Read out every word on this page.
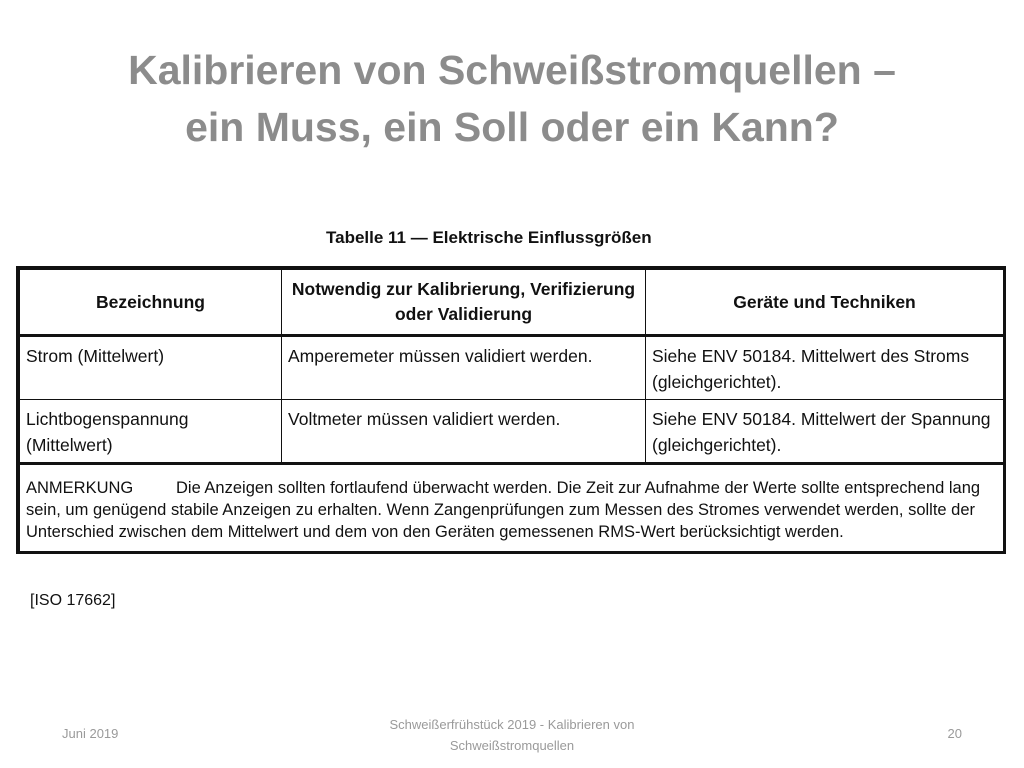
Kalibrieren von Schweißstromquellen –
ein Muss, ein Soll oder ein Kann?
Tabelle 11 — Elektrische Einflussgrößen
Bezeichnung	Notwendig zur Kalibrierung, Verifizierung oder Validierung	Geräte und Techniken
Strom (Mittelwert)	Amperemeter müssen validiert werden.	Siehe ENV 50184. Mittelwert des Stroms (gleichgerichtet).
Lichtbogenspannung (Mittelwert)	Voltmeter müssen validiert werden.	Siehe ENV 50184. Mittelwert der Spannung (gleichgerichtet).
ANMERKUNG Die Anzeigen sollten fortlaufend überwacht werden. Die Zeit zur Aufnahme der Werte sollte entsprechend lang sein, um genügend stabile Anzeigen zu erhalten. Wenn Zangenprüfungen zum Messen des Stromes verwendet werden, sollte der Unterschied zwischen dem Mittelwert und dem von den Geräten gemessenen RMS-Wert berücksichtigt werden.		
[ISO 17662]
Juni 2019
Schweißerfrühstück 2019 - Kalibrieren von
Schweißstromquellen
20
